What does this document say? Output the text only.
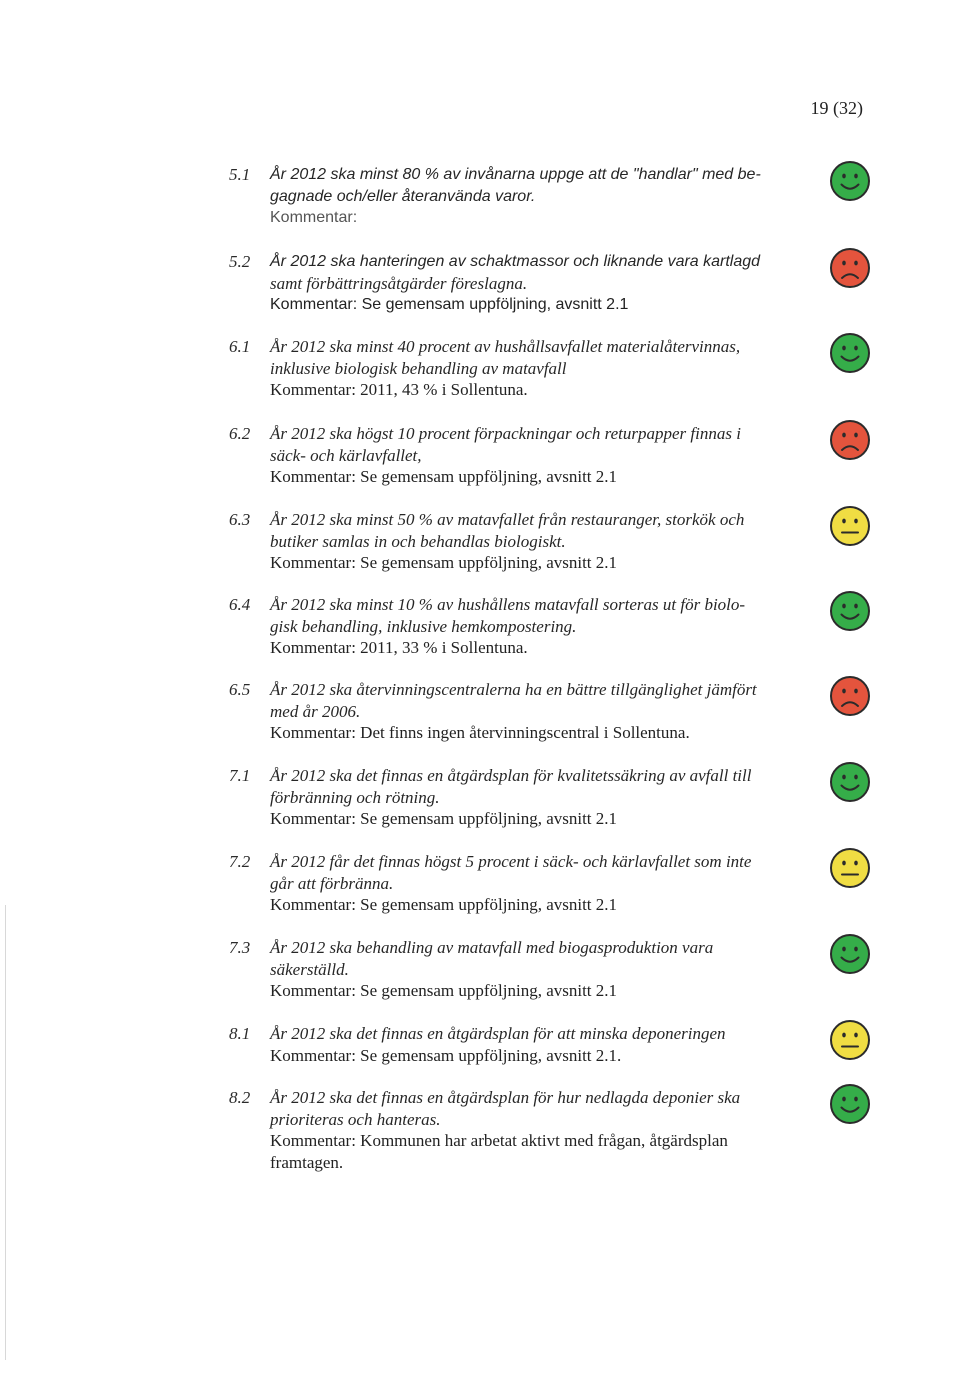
19 (32)
5.1 År 2012 ska minst 80 % av invånarna uppge att de "handlar" med be-
gagnade och/eller återanvända varor.
Kommentar:
5.2 År 2012 ska hanteringen av schaktmassor och liknande vara kartlagd
samt förbättringsåtgärder föreslagna.
Kommentar: Se gemensam uppföljning, avsnitt 2.1
6.1 År 2012 ska minst 40 procent av hushållsavfallet materialåtervinnas,
inklusive biologisk behandling av matavfall
Kommentar: 2011, 43 % i Sollentuna.
6.2 År 2012 ska högst 10 procent förpackningar och returpapper finnas i
säck- och kärlavfallet,
Kommentar: Se gemensam uppföljning, avsnitt 2.1
6.3 År 2012 ska minst 50 % av matavfallet från restauranger, storkök och
butiker samlas in och behandlas biologiskt.
Kommentar: Se gemensam uppföljning, avsnitt 2.1
6.4 År 2012 ska minst 10 % av hushållens matavfall sorteras ut för biolo-
gisk behandling, inklusive hemkompostering.
Kommentar: 2011, 33 % i Sollentuna.
6.5 År 2012 ska återvinningscentralerna ha en bättre tillgänglighet jämfört
med år 2006.
Kommentar: Det finns ingen återvinningscentral i Sollentuna.
7.1 År 2012 ska det finnas en åtgärdsplan för kvalitetssäkring av avfall till
förbränning och rötning.
Kommentar: Se gemensam uppföljning, avsnitt 2.1
7.2 År 2012 får det finnas högst 5 procent i säck- och kärlavfallet som inte
går att förbränna.
Kommentar: Se gemensam uppföljning, avsnitt 2.1
7.3 År 2012 ska behandling av matavfall med biogasproduktion vara
säkerställd.
Kommentar: Se gemensam uppföljning, avsnitt 2.1
8.1 År 2012 ska det finnas en åtgärdsplan för att minska deponeringen
Kommentar: Se gemensam uppföljning, avsnitt 2.1.
8.2 År 2012 ska det finnas en åtgärdsplan för hur nedlagda deponier ska
prioriteras och hanteras.
Kommentar: Kommunen har arbetat aktivt med frågan, åtgärdsplan
framtagen.
